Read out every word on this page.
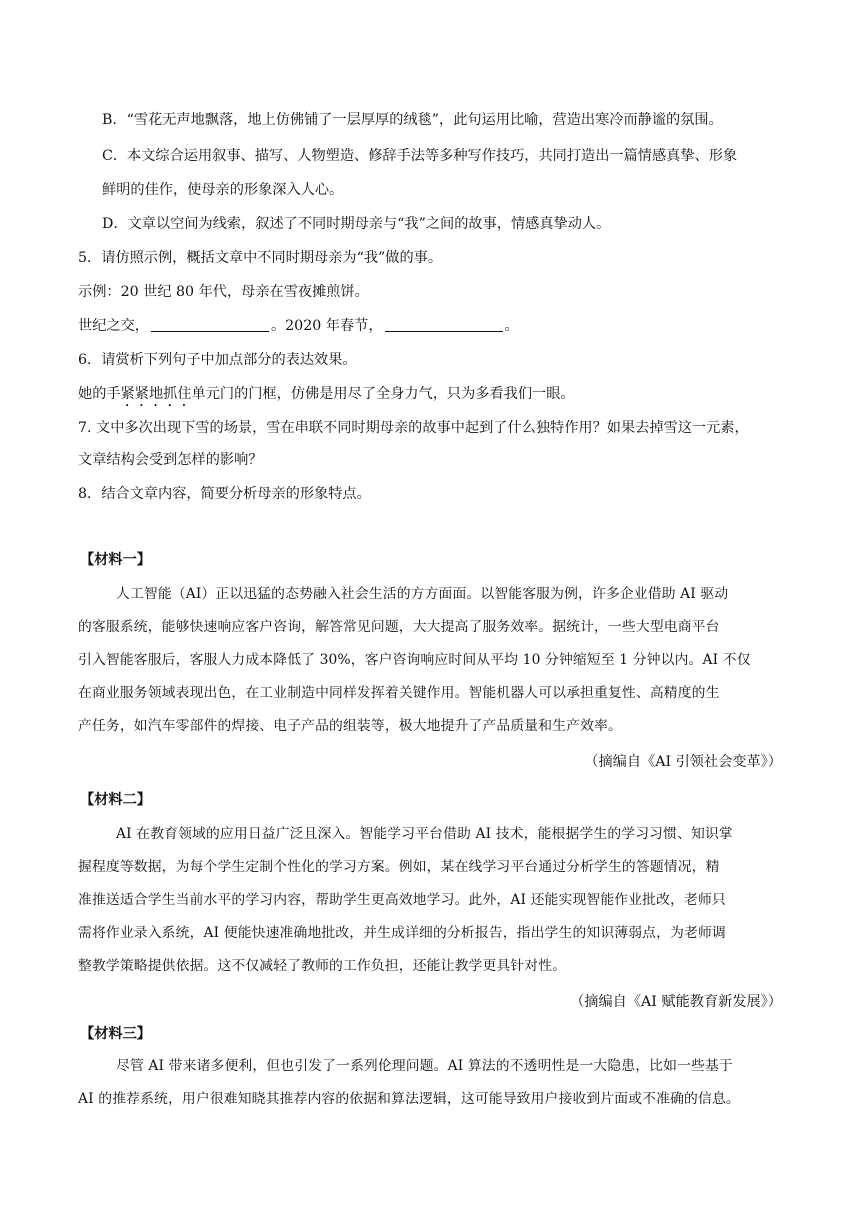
B．“雪花无声地飘落，地上仿佛铺了一层厚厚的绒毯”，此句运用比喻，营造出寒冷而静谧的氛围。
C．本文综合运用叙事、描写、人物塑造、修辞手法等多种写作技巧，共同打造出一篇情感真挚、形象
鲜明的佳作，使母亲的形象深入人心。
D．文章以空间为线索，叙述了不同时期母亲与“我”之间的故事，情感真挚动人。
5．请仿照示例，概括文章中不同时期母亲为“我”做的事。
示例：20 世纪 80 年代，母亲在雪夜摊煎饼。
世纪之交，	。2020 年春节，	。
6．请赏析下列句子中加点部分的表达效果。
她的手紧紧地抓住单元门的门框，仿佛是用尽了全身力气，只为多看我们一眼。
7. 文中多次出现下雪的场景，雪在串联不同时期母亲的故事中起到了什么独特作用？如果去掉雪这一元素，
文章结构会受到怎样的影响？
8．结合文章内容，简要分析母亲的形象特点。
【材料一】
人工智能（AI）正以迅猛的态势融入社会生活的方方面面。以智能客服为例，许多企业借助 AI 驱动
的客服系统，能够快速响应客户咨询，解答常见问题，大大提高了服务效率。据统计，一些大型电商平台
引入智能客服后，客服人力成本降低了 30%，客户咨询响应时间从平均 10 分钟缩短至 1 分钟以内。AI 不仅
在商业服务领域表现出色，在工业制造中同样发挥着关键作用。智能机器人可以承担重复性、高精度的生
产任务，如汽车零部件的焊接、电子产品的组装等，极大地提升了产品质量和生产效率。
（摘编自《AI 引领社会变革》）
【材料二】
AI 在教育领域的应用日益广泛且深入。智能学习平台借助 AI 技术，能根据学生的学习习惯、知识掌
握程度等数据，为每个学生定制个性化的学习方案。例如，某在线学习平台通过分析学生的答题情况，精
准推送适合学生当前水平的学习内容，帮助学生更高效地学习。此外，AI 还能实现智能作业批改，老师只
需将作业录入系统，AI 便能快速准确地批改，并生成详细的分析报告，指出学生的知识薄弱点，为老师调
整教学策略提供依据。这不仅减轻了教师的工作负担，还能让教学更具针对性。
（摘编自《AI 赋能教育新发展》）
【材料三】
尽管 AI 带来诸多便利，但也引发了一系列伦理问题。AI 算法的不透明性是一大隐患，比如一些基于
AI 的推荐系统，用户很难知晓其推荐内容的依据和算法逻辑，这可能导致用户接收到片面或不准确的信息。
